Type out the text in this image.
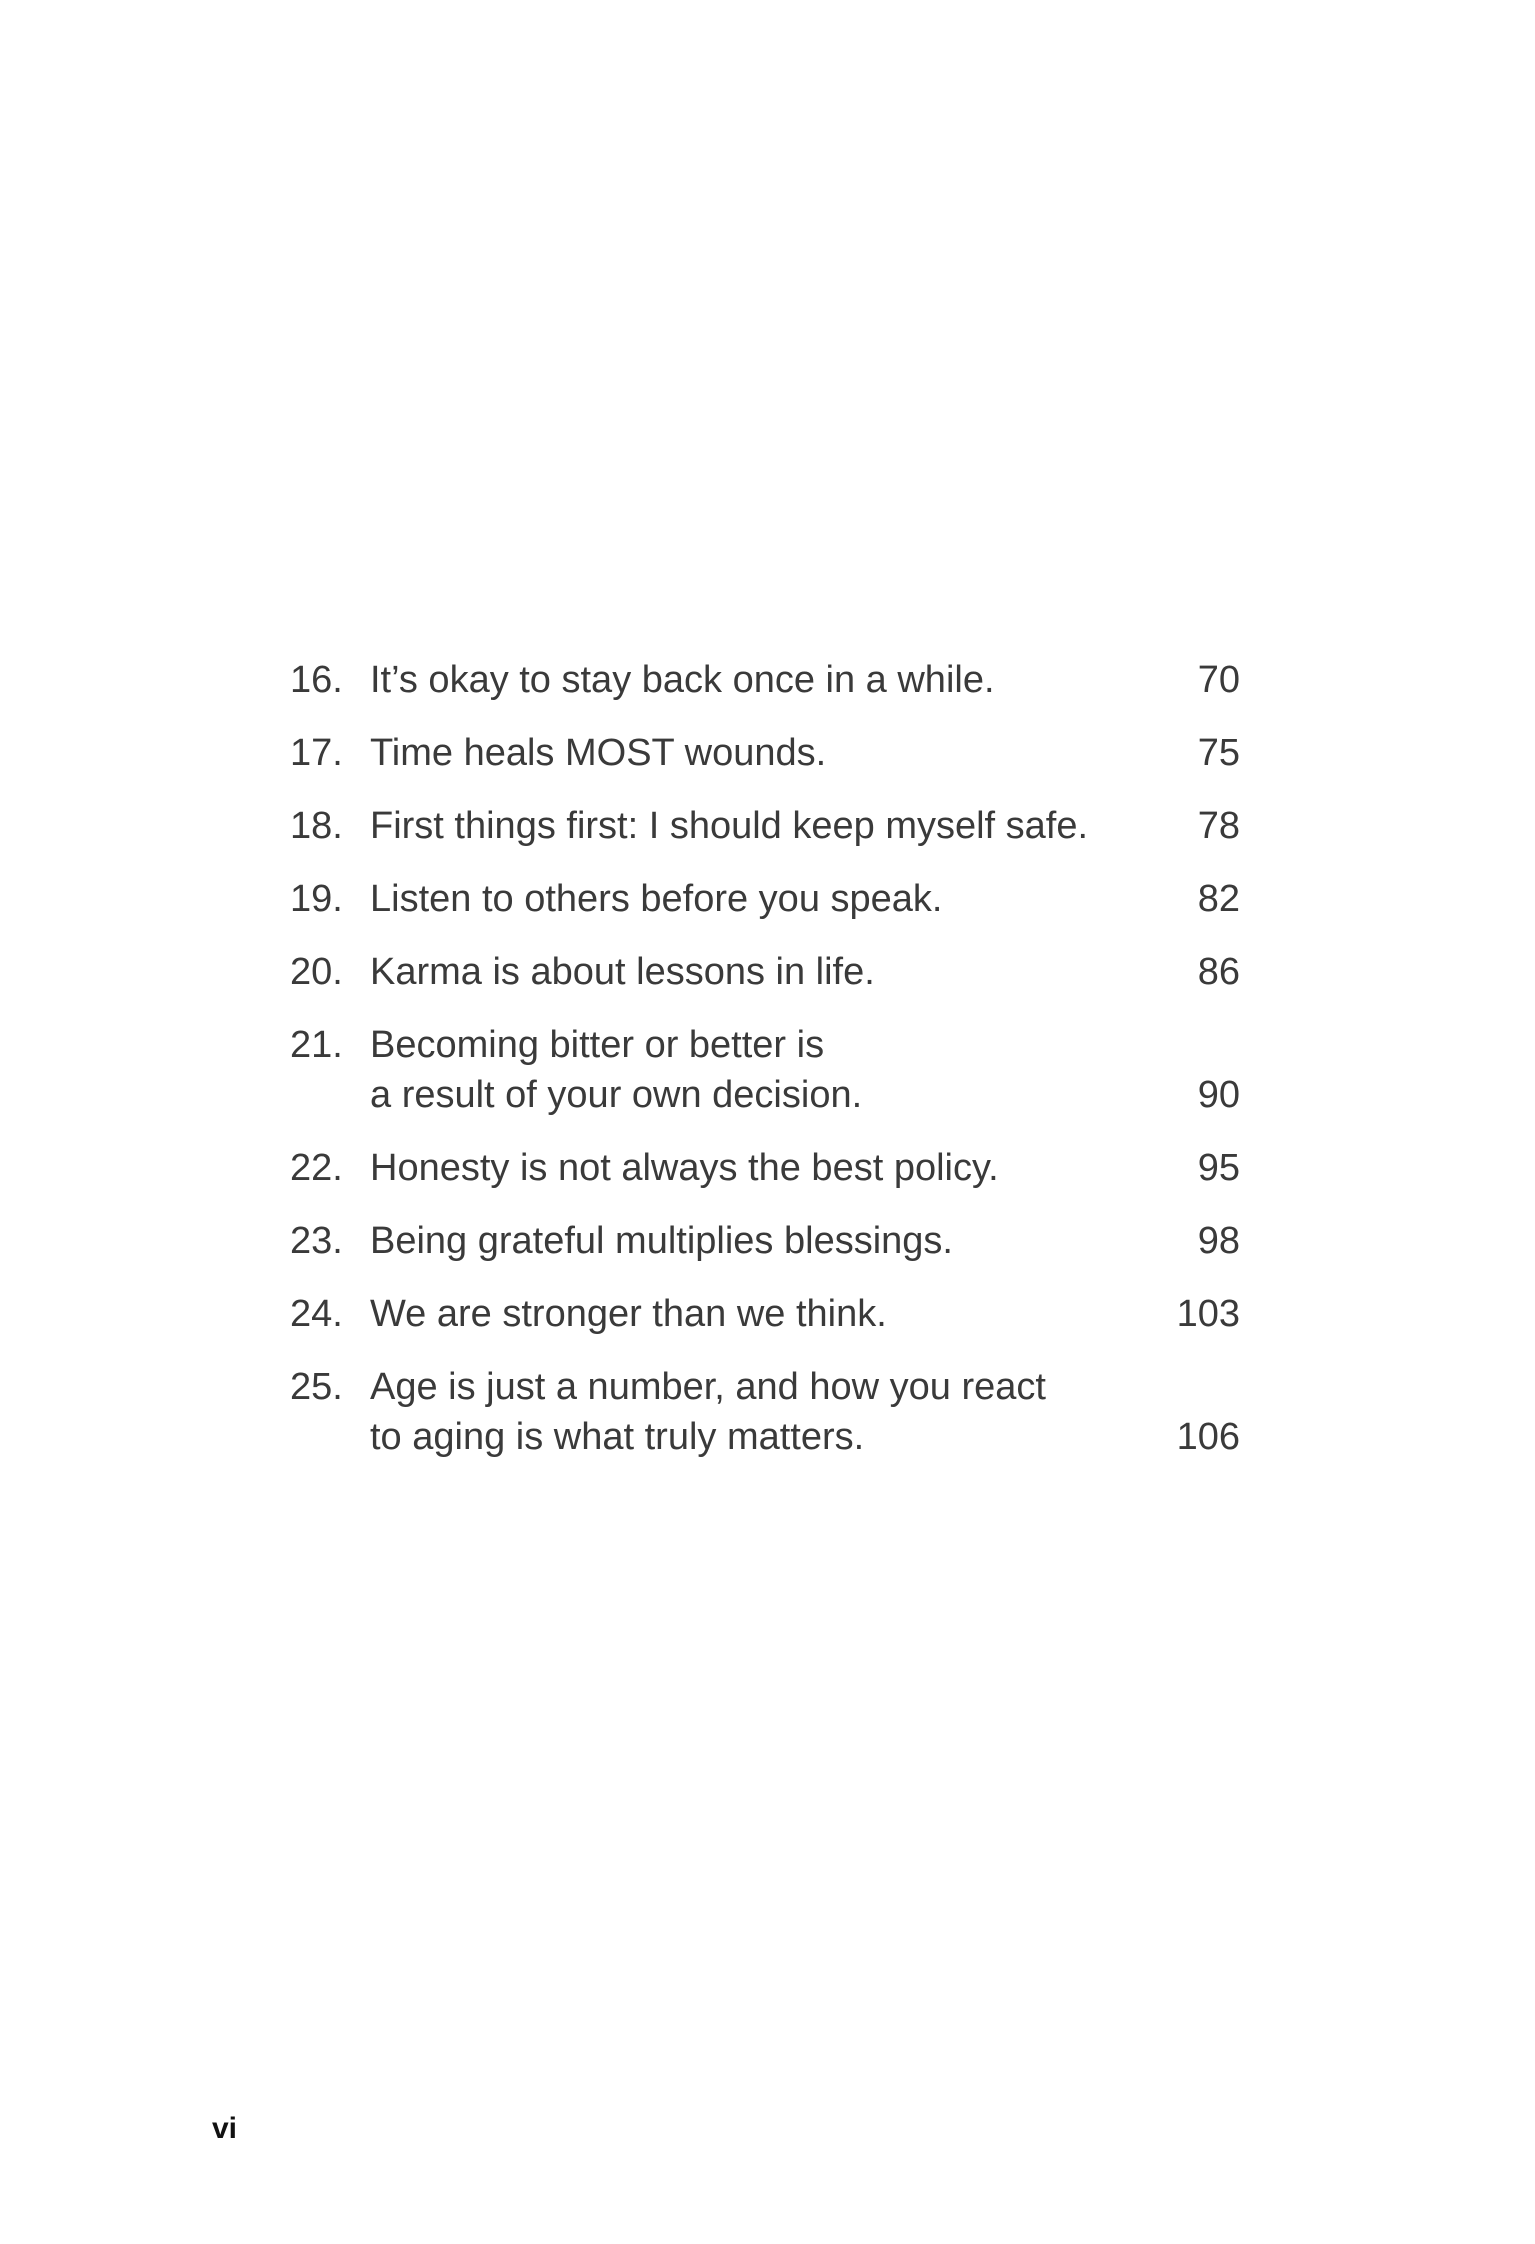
16. It’s okay to stay back once in a while.	70
17. Time heals MOST wounds.	75
18. First things first: I should keep myself safe.	78
19. Listen to others before you speak.	82
20. Karma is about lessons in life.	86
21. Becoming bitter or better is
a result of your own decision.	90
22. Honesty is not always the best policy.	95
23. Being grateful multiplies blessings.	98
24. We are stronger than we think.	103
25. Age is just a number, and how you react
to aging is what truly matters.	106
vi
